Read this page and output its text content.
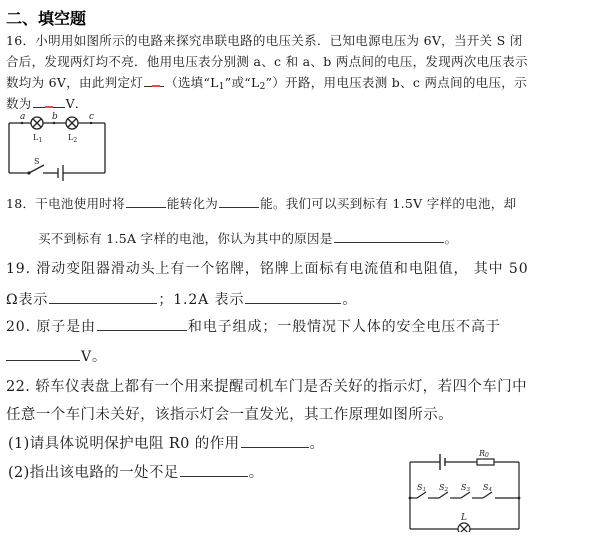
二、填空题
16．小明用如图所示的电路来探究串联电路的电压关系．已知电源电压为 6V，当开关 S 闭
合后，发现两灯均不亮．他用电压表分别测 a、c 和 a、b 两点间的电压，发现两次电压表示
数均为 6V，由此判定灯 （选填“$L_1$”或“$L_2$”）开路，用电压表测 b、c 两点间的电压，示
数为	V．
a	b	c
$L_1$	$L_2$
S
18．干电池使用时将	能转化为	能。我们可以买到标有 1.5V 字样的电池，却
买不到标有 1.5A 字样的电池，你认为其中的原因是	。
19. 滑动变阻器滑动头上有一个铭牌，铭牌上面标有电流值和电阻值， 其中 50
Ω表示	；1.2A 表示	。
20. 原子是由	和电子组成；一般情况下人体的安全电压不高于
V。
22. 轿车仪表盘上都有一个用来提醒司机车门是否关好的指示灯，若四个车门中
任意一个车门未关好，该指示灯会一直发光，其工作原理如图所示。
(1)请具体说明保护电阻 R0 的作用	。
(2)指出该电路的一处不足	。
R0
S1 S2 S3 S4
L
